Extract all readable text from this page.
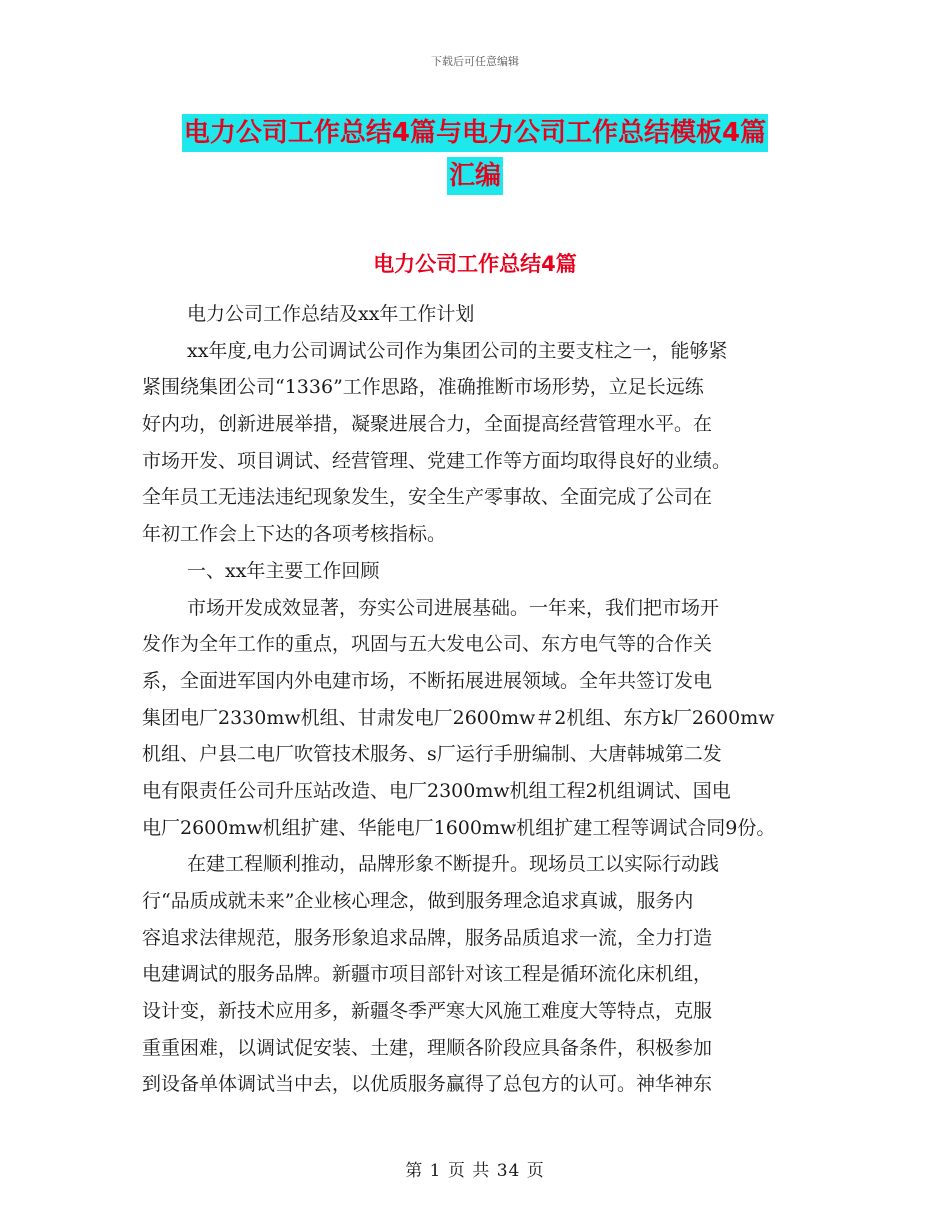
下载后可任意编辑
电力公司工作总结4篇与电力公司工作总结模板4篇
汇编
电力公司工作总结4篇
电力公司工作总结及xx年工作计划
xx年度,电力公司调试公司作为集团公司的主要支柱之一，能够紧
紧围绕集团公司“1336”工作思路，准确推断市场形势，立足长远练
好内功，创新进展举措，凝聚进展合力，全面提高经营管理水平。在
市场开发、项目调试、经营管理、党建工作等方面均取得良好的业绩。
全年员工无违法违纪现象发生，安全生产零事故、全面完成了公司在
年初工作会上下达的各项考核指标。
一、xx年主要工作回顾
市场开发成效显著，夯实公司进展基础。一年来，我们把市场开
发作为全年工作的重点，巩固与五大发电公司、东方电气等的合作关
系，全面进军国内外电建市场，不断拓展进展领域。全年共签订发电
集团电厂2330mw机组、甘肃发电厂2600mw＃2机组、东方k厂2600mw
机组、户县二电厂吹管技术服务、s厂运行手册编制、大唐韩城第二发
电有限责任公司升压站改造、电厂2300mw机组工程2机组调试、国电
电厂2600mw机组扩建、华能电厂1600mw机组扩建工程等调试合同9份。
在建工程顺利推动，品牌形象不断提升。现场员工以实际行动践
行“品质成就未来”企业核心理念，做到服务理念追求真诚，服务内
容追求法律规范，服务形象追求品牌，服务品质追求一流，全力打造
电建调试的服务品牌。新疆市项目部针对该工程是循环流化床机组，
设计变，新技术应用多，新疆冬季严寒大风施工难度大等特点，克服
重重困难，以调试促安装、土建，理顺各阶段应具备条件，积极参加
到设备单体调试当中去，以优质服务赢得了总包方的认可。神华神东
第 1 页 共 34 页
